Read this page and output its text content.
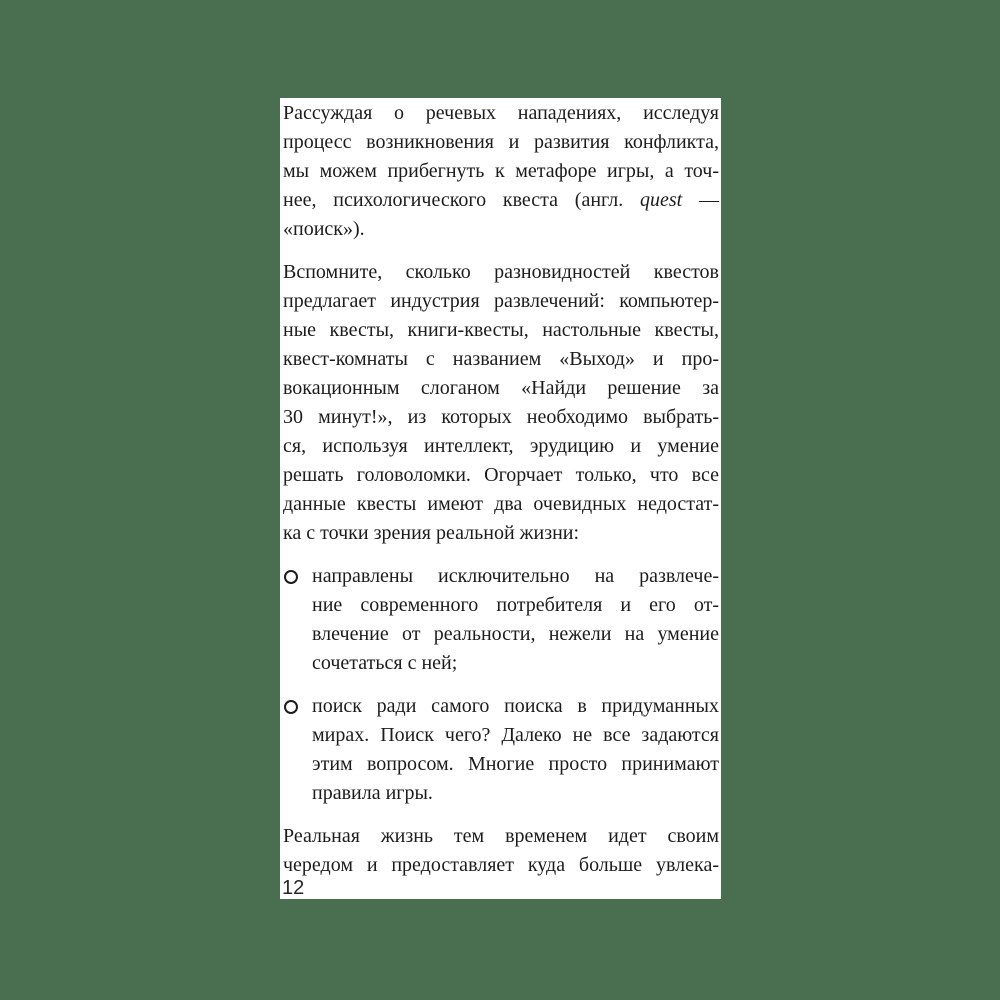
Рассуждая о речевых нападениях, исследуя
процесс возникновения и развития конфликта,
мы можем прибегнуть к метафоре игры, а точ-
нее, психологического квеста (англ. quest —
«поиск»).
Вспомните, сколько разновидностей квестов
предлагает индустрия развлечений: компьютер-
ные квесты, книги-квесты, настольные квесты,
квест-комнаты с названием «Выход» и про-
вокационным слоганом «Найди решение за
30 минут!», из которых необходимо выбрать-
ся, используя интеллект, эрудицию и умение
решать головоломки. Огорчает только, что все
данные квесты имеют два очевидных недостат-
ка с точки зрения реальной жизни:
направлены исключительно на развлече-
ние современного потребителя и его от-
влечение от реальности, нежели на умение
сочетаться с ней;
поиск ради самого поиска в придуманных
мирах. Поиск чего? Далеко не все задаются
этим вопросом. Многие просто принимают
правила игры.
Реальная жизнь тем временем идет своим
чередом и предоставляет куда больше увлека-
12
